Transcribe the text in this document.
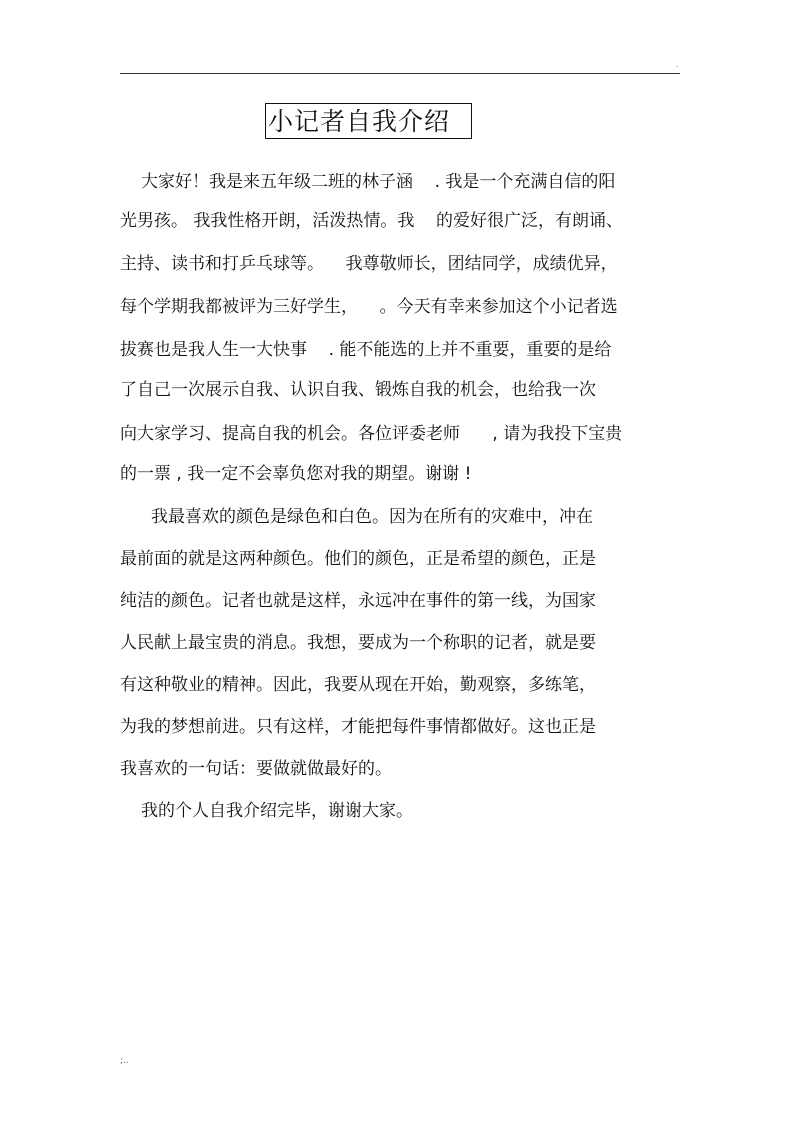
.
小记者自我介绍
大家好！我是来五年级二班的林子涵    . 我是一个充满自信的阳
光男孩。 我我性格开朗，活泼热情。我    的爱好很广泛，有朗诵、
主持、读书和打乒乓球等。    我尊敬师长，团结同学，成绩优异，
每个学期我都被评为三好学生，    。今天有幸来参加这个小记者选
拔赛也是我人生一大快事    . 能不能选的上并不重要，重要的是给
了自己一次展示自我、认识自我、锻炼自我的机会，也给我一次
向大家学习、提高自我的机会。各位评委老师      , 请为我投下宝贵
的一票 , 我一定不会辜负您对我的期望。谢谢 !
我最喜欢的颜色是绿色和白色。因为在所有的灾难中，冲在
最前面的就是这两种颜色。他们的颜色，正是希望的颜色，正是
纯洁的颜色。记者也就是这样，永远冲在事件的第一线，为国家
人民献上最宝贵的消息。我想，要成为一个称职的记者，就是要
有这种敬业的精神。因此，我要从现在开始，勤观察，多练笔，
为我的梦想前进。只有这样，才能把每件事情都做好。这也正是
我喜欢的一句话：要做就做最好的。
我的个人自我介绍完毕，谢谢大家。
;..
